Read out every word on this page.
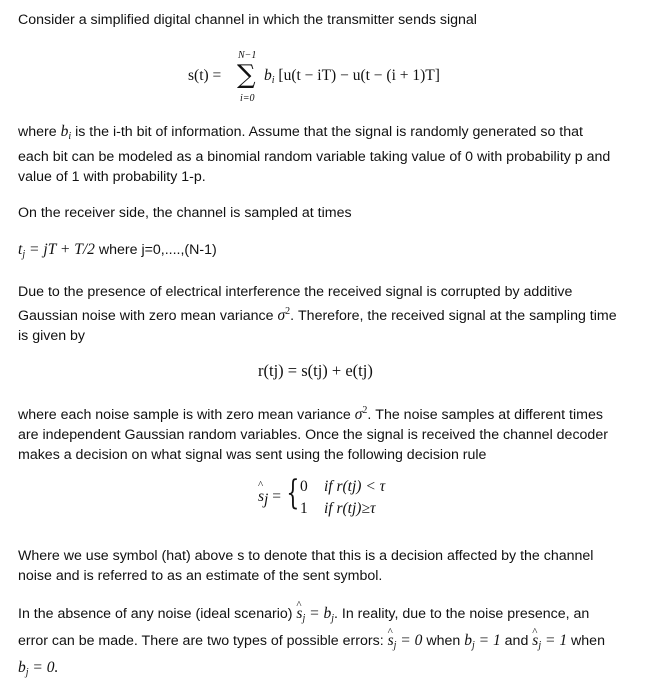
Consider a simplified digital channel in which the transmitter sends signal

s(t) =
N−1
∑
i=0
$b_i$ [u(t − iT) − u(t − (i + 1)T]
where $b_i$ is the i-th bit of information. Assume that the signal is randomly generated so that
each bit can be modeled as a binomial random variable taking value of 0 with probability p and
value of 1 with probability 1-p.

On the receiver side, the channel is sampled at times

$t_j$ = jT + T/2 where j=0,....,(N-1)
Due to the presence of electrical interference the received signal is corrupted by additive
Gaussian noise with zero mean variance $\sigma^2$. Therefore, the received signal at the sampling time
is given by
r(tj) = s(tj) + e(tj)
where each noise sample is with zero mean variance $\sigma^2$. The noise samples at different times
are independent Gaussian random variables. Once the signal is received the channel decoder
makes a decision on what signal was sent using the following decision rule
^ $s_j$ = { 0 if r(tj) < τ
1 if r(tj)≥τ
Where we use symbol (hat) above s to denote that this is a decision affected by the channel
noise and is referred to as an estimate of the sent symbol.
In the absence of any noise (ideal scenario) ^ $s_j = b_j$. In reality, due to the noise presence, an
error can be made. There are two types of possible errors: ^ $s_j = 0$ when $b_j = 1$ and ^ $s_j = 1$ when
$b_j = 0$.
